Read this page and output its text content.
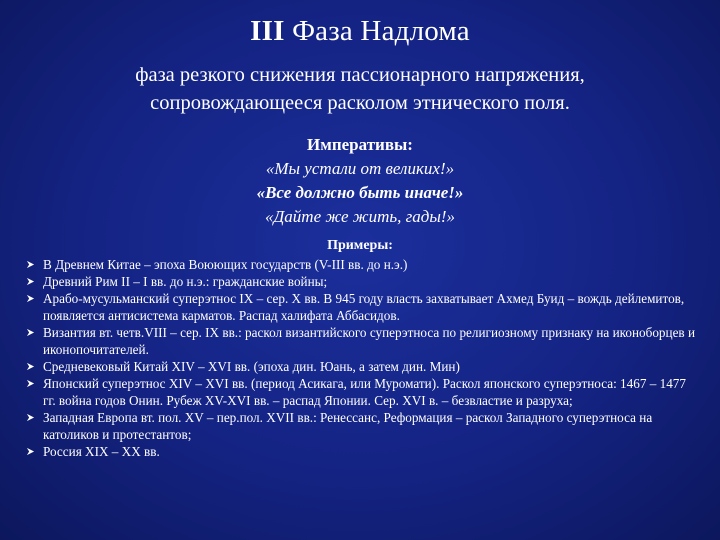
III Фаза Надлома
фаза резкого снижения пассионарного напряжения,
сопровождающееся расколом этнического поля.
Императивы:
«Мы устали от великих!»
«Все должно быть иначе!»
«Дайте же жить, гады!»
Примеры:
В Древнем Китае – эпоха Воюющих государств (V-III вв. до н.э.)
Древний Рим II – I вв. до н.э.: гражданские войны;
Арабо-мусульманский суперэтнос IX – сер. X вв. В 945 году власть захватывает Ахмед Буид – вождь дейлемитов, появляется антисистема карматов. Распад халифата Аббасидов.
Византия вт. четв.VIII – сер. IX вв.: раскол византийского суперэтноса по религиозному признаку на иконоборцев и иконопочитателей.
Средневековый Китай XIV – XVI вв. (эпоха дин. Юань, а затем дин. Мин)
Японский суперэтнос XIV – XVI вв. (период Асикага, или Муромати). Раскол японского суперэтноса: 1467 – 1477 гг. война годов Онин. Рубеж XV-XVI вв. – распад Японии. Сер. XVI в. – безвластие и разруха;
Западная Европа вт. пол. XV – пер.пол. XVII вв.: Ренессанс, Реформация – раскол Западного суперэтноса на католиков и протестантов;
Россия XIX – XX вв.
